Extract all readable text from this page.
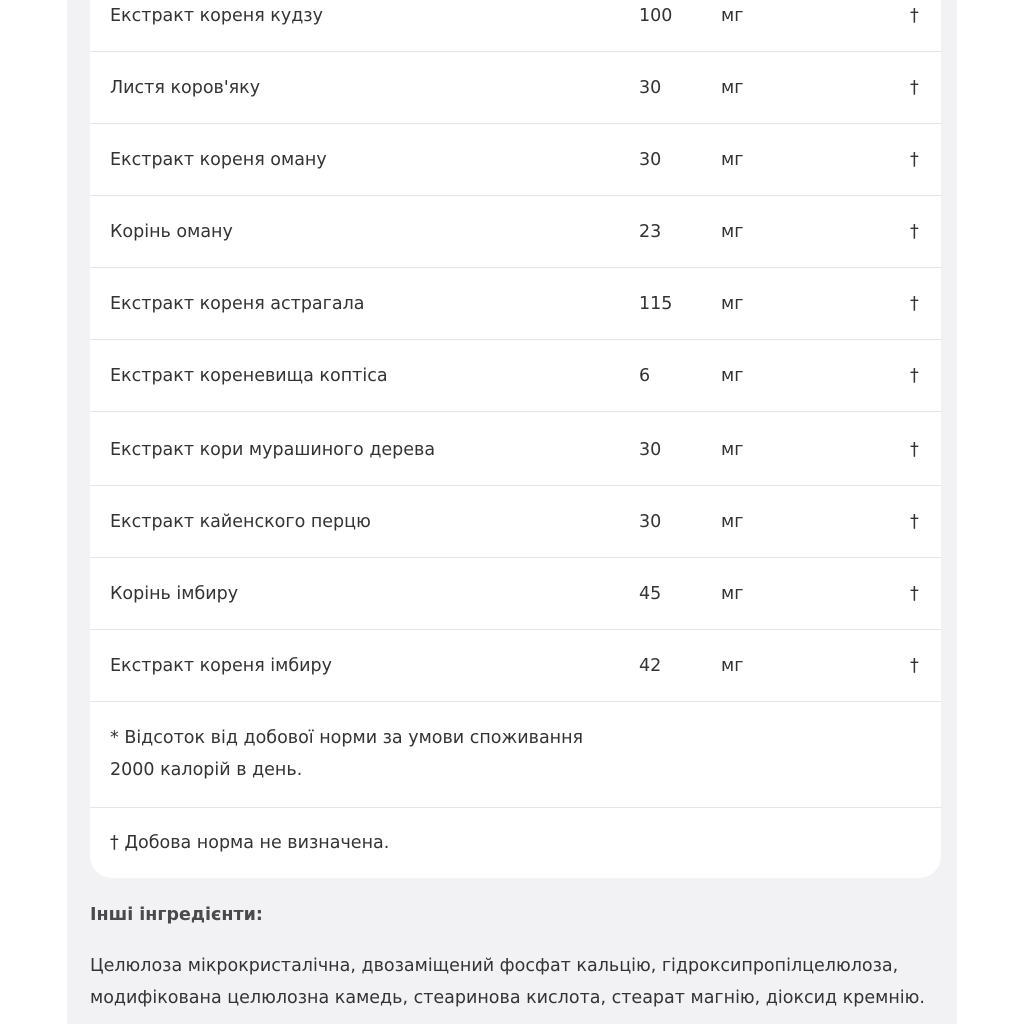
Екстракт кореня кудзу	100	мг	†
Листя коров'яку	30	мг	†
Екстракт кореня оману	30	мг	†
Корінь оману	23	мг	†
Екстракт кореня астрагала	115	мг	†
Екстракт кореневища коптіса	6	мг	†
Екстракт кори мурашиного дерева	30	мг	†
Екстракт кайенского перцю	30	мг	†
Корінь імбиру	45	мг	†
Екстракт кореня імбиру	42	мг	†
* Відсоток від добової норми за умови споживання
2000 калорій в день.
† Добова норма не визначена.
Інші інгредієнти:
Целюлоза мікрокристалічна, двозаміщений фосфат кальцію, гідроксипропілцелюлоза,
модифікована целюлозна камедь, стеаринова кислота, стеарат магнію, діоксид кремнію.
